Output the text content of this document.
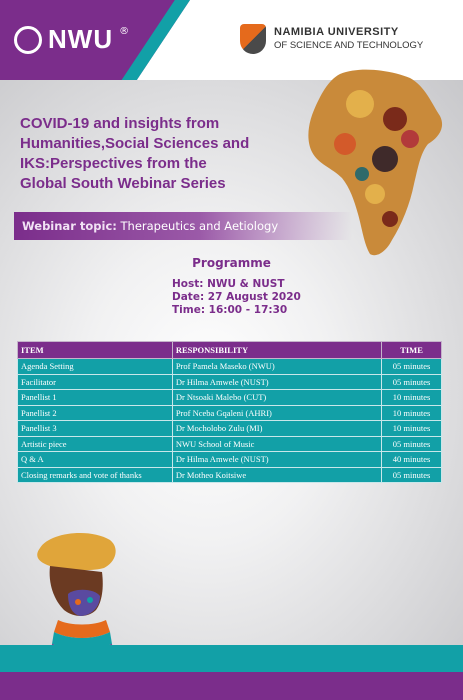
NWU ®	NAMIBIA UNIVERSITY
OF SCIENCE AND TECHNOLOGY
COVID-19 and insights from
Humanities,Social Sciences and
IKS:Perspectives from the
Global South Webinar Series
Webinar topic: Therapeutics and Aetiology
Programme
Host: NWU & NUST
Date: 27 August 2020
Time: 16:00 - 17:30
ITEM	RESPONSIBILITY	TIME
Agenda Setting	Prof Pamela Maseko (NWU)	05 minutes
Facilitator	Dr Hilma Amwele (NUST)	05 minutes
Panellist 1	Dr Ntsoaki Malebo (CUT)	10 minutes
Panellist 2	Prof Nceba Gqaleni (AHRI)	10 minutes
Panellist 3	Dr Mocholobo Zulu (MI)	10 minutes
Artistic piece	NWU School of Music	05 minutes
Q & A	Dr Hilma Amwele (NUST)	40 minutes
Closing remarks and vote of thanks	Dr Motheo Koitsiwe	05 minutes
